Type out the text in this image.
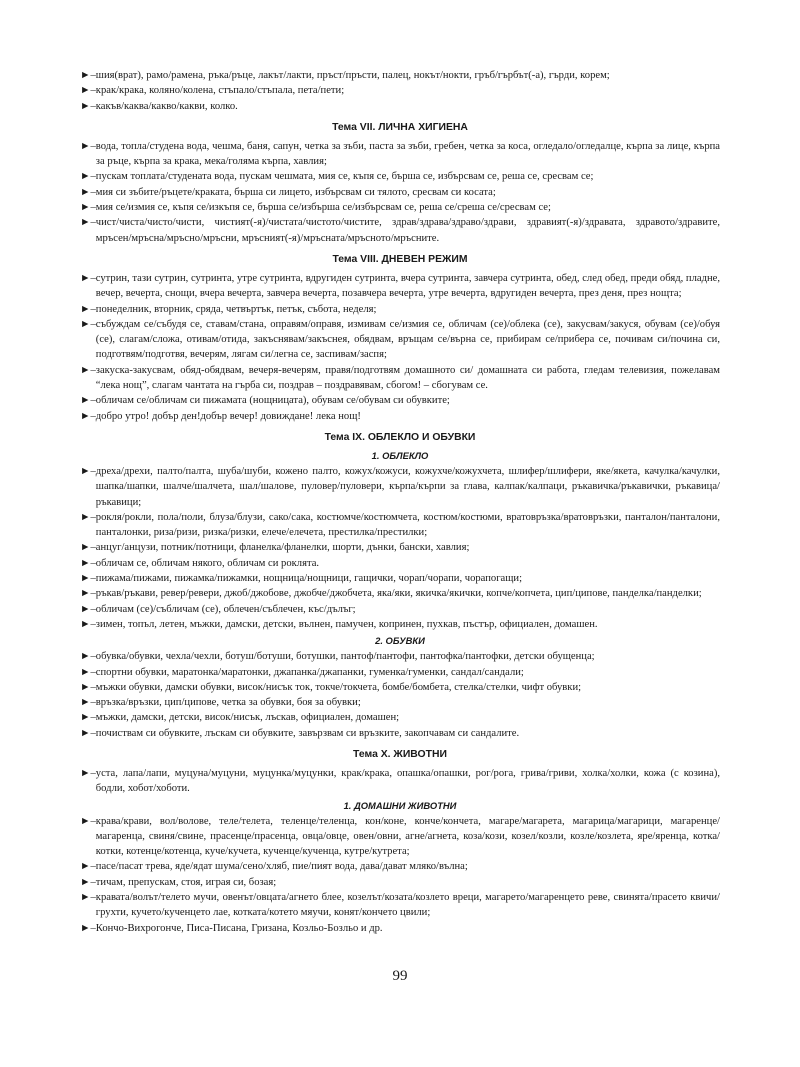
►– шия(врат), рамо/рамена, ръка/ръце, лакът/лакти, пръст/пръсти, палец, нокът/нокти, гръб/гърбът(-а), гърди, корем;
►– крак/крака, коляно/колена, стъпало/стъпала, пета/пети;
►– какъв/каква/какво/какви, колко.
Тема VII. ЛИЧНА ХИГИЕНА
►– вода, топла/студена вода, чешма, баня, сапун, четка за зъби, паста за зъби, гребен, четка за коса, огледало/огледалце, кърпа за лице, кърпа за ръце, кърпа за крака, мека/голяма кърпа, хавлия;
►– пускам топлата/студената вода, пускам чешмата, мия се, къпя се, бърша се, избърсвам се, реша се, сресвам се;
►– мия си зъбите/ръцете/краката, бърша си лицето, избърсвам си тялото, сресвам си косата;
►– мия се/измия се, къпя се/изкъпя се, бърша се/избърша се/избърсвам се, реша се/среша се/сресвам се;
►– чист/чиста/чисто/чисти, чистият(-я)/чистата/чистото/чистите, здрав/здрава/здраво/здрави, здравият(-я)/здравата, здравото/здравите, мръсен/мръсна/мръсно/мръсни, мръсният(-я)/мръсната/мръсното/мръсните.
Тема VIII. ДНЕВЕН РЕЖИМ
►– сутрин, тази сутрин, сутринта, утре сутринта, вдругиден сутринта, вчера сутринта, завчера сутринта, обед, след обед, преди обяд, пладне, вечер, вечерта, снощи, вчера вечерта, завчера вечерта, позавчера вечерта, утре вечерта, вдругиден вечерта, през деня, през нощта;
►– понеделник, вторник, сряда, четвъртък, петък, събота, неделя;
►– събуждам се/събудя се, ставам/стана, оправям/оправя, измивам се/измия се, обличам (се)/облека (се), закусвам/закуся, обувам (се)/обуя (се), слагам/сложа, отивам/отида, закъснявам/закъснея, обядвам, връщам се/върна се, прибирам се/прибера се, почивам си/почина си, подготвям/подготвя, вечерям, лягам си/легна се, заспивам/заспя;
►– закуска-закусвам, обяд-обядвам, вечеря-вечерям, правя/подготвям домашното си/ домашната си работа, гледам телевизия, пожелавам “лека нощ”, слагам чантата на гърба си, поздрав – поздравявам, сбогом! – сбогувам се.
►– обличам се/обличам си пижамата (нощницата), обувам се/обувам си обувките;
►– добро утро! добър ден!добър вечер! довиждане! лека нощ!
Тема IX. ОБЛЕКЛО И ОБУВКИ
1. ОБЛЕКЛО
►– дреха/дрехи, палто/палта, шуба/шуби, кожено палто, кожух/кожуси, кожухче/кожухчета, шлифер/шлифери, яке/якета, качулка/качулки, шапка/шапки, шалче/шалчета, шал/шалове, пуловер/пуловери, кърпа/кърпи за глава, калпак/калпаци, ръкавичка/ръкавички, ръкавица/ръкавици;
►– рокля/рокли, пола/поли, блуза/блузи, сако/сака, костюмче/костюмчета, костюм/костюми, вратовръзка/вратовръзки, панталон/панталони, панталонки, риза/ризи, ризка/ризки, елече/елечета, престилка/престилки;
►– анцуг/анцузи, потник/потници, фланелка/фланелки, шорти, дънки, бански, хавлия;
►– обличам се, обличам някого, обличам си роклята.
►– пижама/пижами, пижамка/пижамки, нощница/нощници, гащички, чорап/чорапи, чорапогащи;
►– ръкав/ръкави, ревер/ревери, джоб/джобове, джобче/джобчета, яка/яки, якичка/якички, копче/копчета, цип/ципове, панделка/панделки;
►– обличам (се)/събличам (се), облечен/съблечен, къс/дълъг;
►– зимен, топъл, летен, мъжки, дамски, детски, вълнен, памучен, копринен, пухкав, пъстър, официален, домашен.
2. ОБУВКИ
►– обувка/обувки, чехла/чехли, ботуш/ботуши, ботушки, пантоф/пантофи, пантофка/пантофки, детски обущенца;
►– спортни обувки, маратонка/маратонки, джапанка/джапанки, гуменка/гуменки, сандал/сандали;
►– мъжки обувки, дамски обувки, висок/нисък ток, токче/токчета, бомбе/бомбета, стелка/стелки, чифт обувки;
►– връзка/връзки, цип/ципове, четка за обувки, боя за обувки;
►– мъжки, дамски, детски, висок/нисък, лъскав, официален, домашен;
►– почиствам си обувките, лъскам си обувките, завързвам си връзките, закопчавам си сандалите.
Тема X. ЖИВОТНИ
►– уста, лапа/лапи, муцуна/муцуни, муцунка/муцунки, крак/крака, опашка/опашки, рог/рога, грива/гриви, холка/холки, кожа (с козина), бодли, хобот/хоботи.
1. ДОМАШНИ ЖИВОТНИ
►– крава/крави, вол/волове, теле/телета, теленце/теленца, кон/коне, конче/кончета, магаре/магарета, магарица/магарици, магаренце/магаренца, свиня/свине, прасенце/прасенца, овца/овце, овен/овни, агне/агнета, коза/кози, козел/козли, козле/козлета, яре/яренца, котка/котки, котенце/котенца, куче/кучета, кученце/кученца, кутре/кутрета;
►– пасе/пасат трева, яде/ядат шума/сено/хляб, пие/пият вода, дава/дават мляко/вълна;
►– тичам, препускам, стоя, играя си, бозая;
►– кравата/волът/телето мучи, овенът/овцата/агнето блее, козелът/козата/козлето вреци, магарето/магаренцето реве, свинята/прасето квичи/грухти, кучето/кученцето лае, котката/котето мяучи, конят/кончето цвили;
►– Кончо-Вихрогонче, Писа-Писана, Гризана, Козльо-Бозльо и др.
99
